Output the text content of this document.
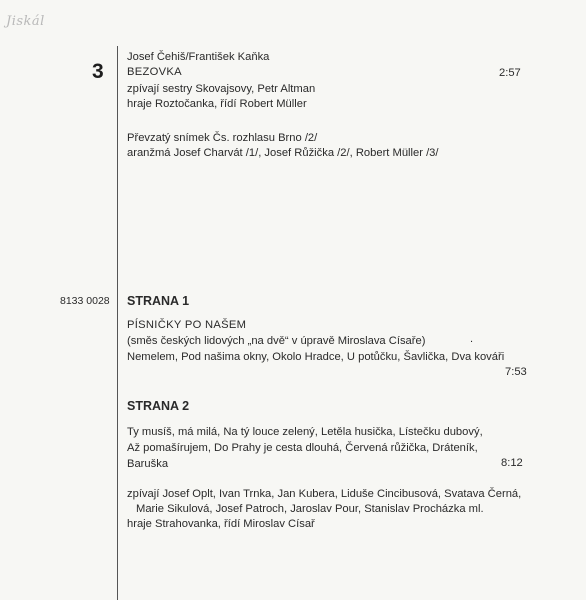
Jiskál
3
Josef Čehiš/František Kaňka
BEZOVKA	2:57
zpívají sestry Skovajsovy, Petr Altman
hraje Roztočanka, řídí Robert Müller
Převzatý snímek Čs. rozhlasu Brno /2/
aranžmá Josef Charvát /1/, Josef Růžička /2/, Robert Müller /3/
8133 0028 STRANA 1
PÍSNIČKY PO NAŠEM
(směs českých lidových „na dvě“ v úpravě Miroslava Císaře)	.
Nemelem, Pod našima okny, Okolo Hradce, U potůčku, Šavlička, Dva kováři
7:53
STRANA 2
Ty musíš, má milá, Na tý louce zelený, Letěla husička, Lístečku dubový,
Až pomašírujem, Do Prahy je cesta dlouhá, Červená růžička, Dráteník,
Baruška	8:12
zpívají Josef Oplt, Ivan Trnka, Jan Kubera, Liduše Cincibusová, Svatava Černá,
Marie Sikulová, Josef Patroch, Jaroslav Pour, Stanislav Procházka ml.
hraje Strahovanka, řídí Miroslav Císař
